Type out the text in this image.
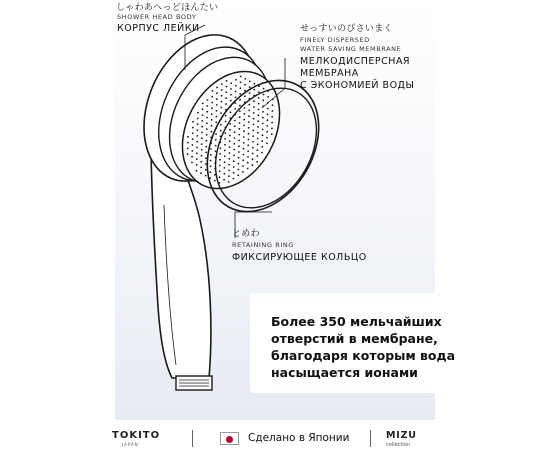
しゃわあへっどほんたい
SHOWER HEAD BODY
КОРПУС ЛЕЙКИ	せっすいのびさいまく
FINELY DISPERSED
WATER SAVING MEMBRANE
МЕЛКОДИСПЕРСНАЯ
МЕМБРАНА
С ЭКОНОМИЕЙ ВОДЫ
とめわ
RETAINING RING
ФИКСИРУЮЩЕЕ КОЛЬЦО
Более 350 мельчайших
отверстий в мембране,
благодаря которым вода
насыщается ионами
TOKITO
JAPAN
Сделано в Японии	MIZU
collection
